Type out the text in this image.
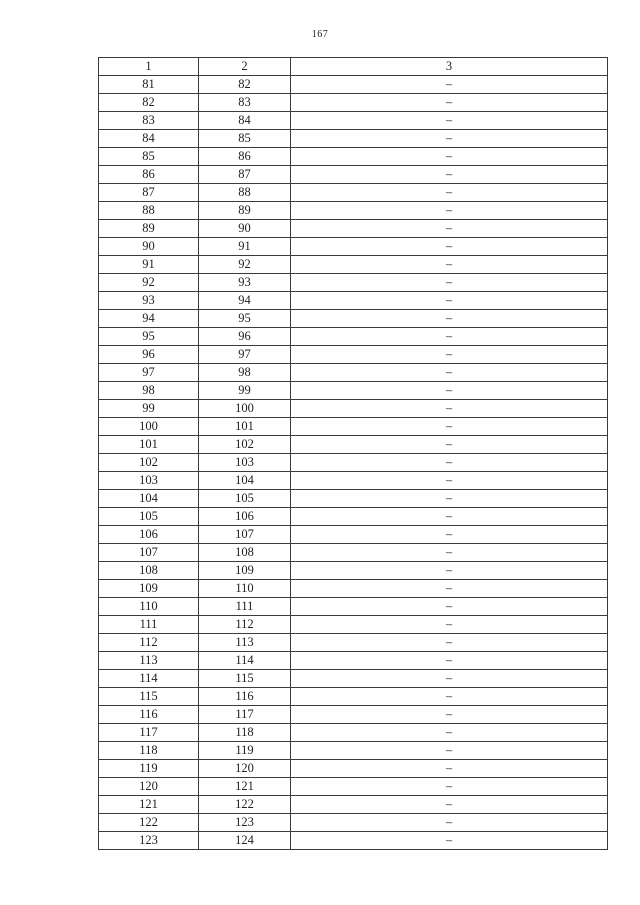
167
1	2	3
81	82	–
82	83	–
83	84	–
84	85	–
85	86	–
86	87	–
87	88	–
88	89	–
89	90	–
90	91	–
91	92	–
92	93	–
93	94	–
94	95	–
95	96	–
96	97	–
97	98	–
98	99	–
99	100	–
100	101	–
101	102	–
102	103	–
103	104	–
104	105	–
105	106	–
106	107	–
107	108	–
108	109	–
109	110	–
110	111	–
111	112	–
112	113	–
113	114	–
114	115	–
115	116	–
116	117	–
117	118	–
118	119	–
119	120	–
120	121	–
121	122	–
122	123	–
123	124	–
